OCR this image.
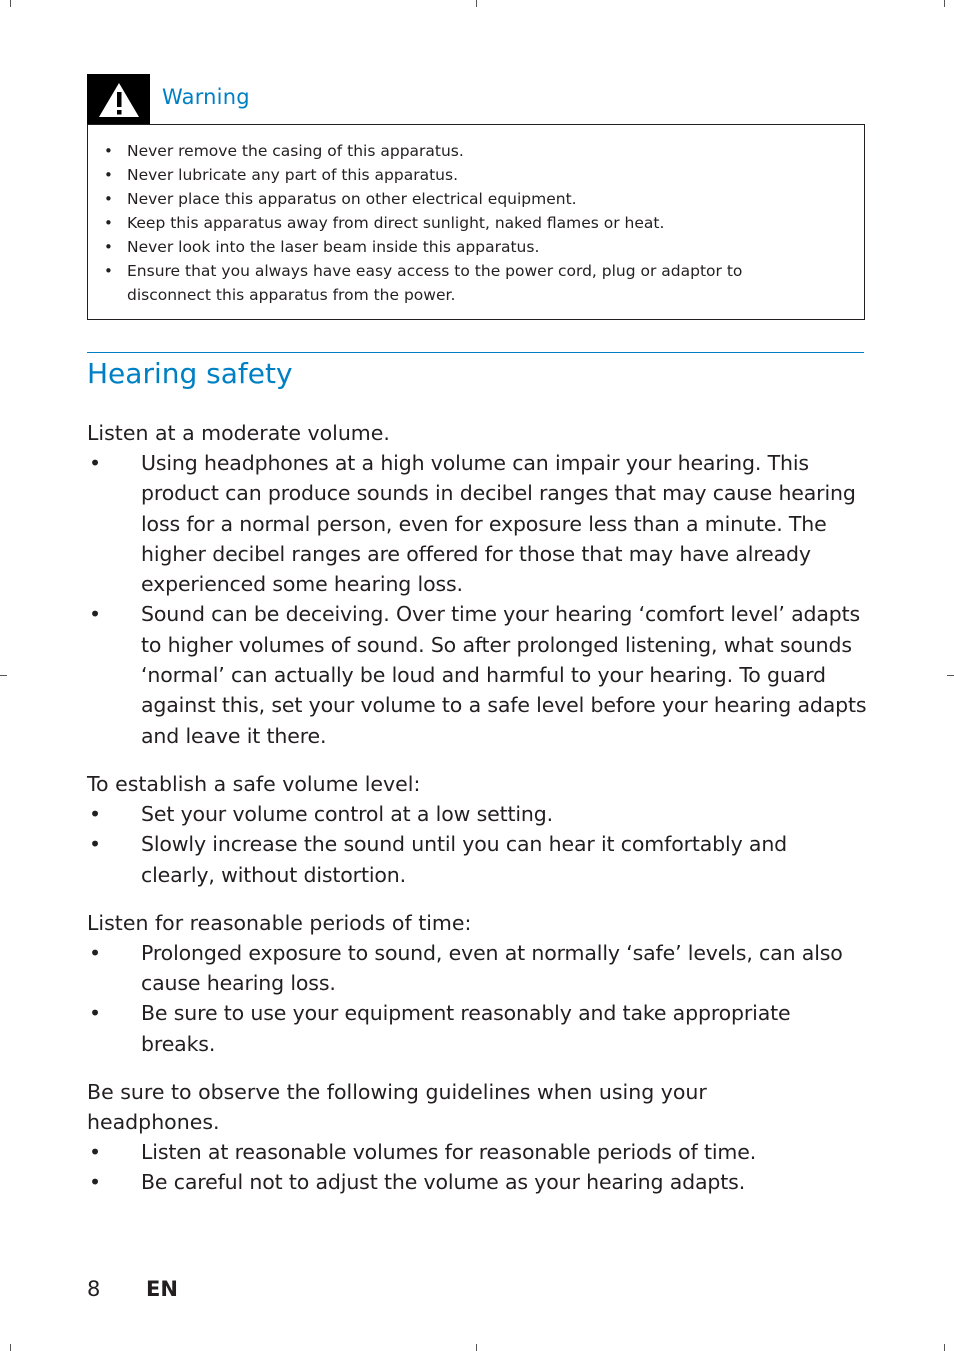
Warning
• Never remove the casing of this apparatus.
• Never lubricate any part of this apparatus.
• Never place this apparatus on other electrical equipment.
• Keep this apparatus away from direct sunlight, naked flames or heat.
• Never look into the laser beam inside this apparatus.
• Ensure that you always have easy access to the power cord, plug or adaptor to disconnect this apparatus from the power.
Hearing safety
Listen at a moderate volume.
• Using headphones at a high volume can impair your hearing. This product can produce sounds in decibel ranges that may cause hearing loss for a normal person, even for exposure less than a minute. The higher decibel ranges are offered for those that may have already experienced some hearing loss.
• Sound can be deceiving. Over time your hearing ‘comfort level’ adapts to higher volumes of sound. So after prolonged listening, what sounds ‘normal’ can actually be loud and harmful to your hearing. To guard against this, set your volume to a safe level before your hearing adapts and leave it there.
To establish a safe volume level:
• Set your volume control at a low setting.
• Slowly increase the sound until you can hear it comfortably and clearly, without distortion.
Listen for reasonable periods of time:
• Prolonged exposure to sound, even at normally ‘safe’ levels, can also cause hearing loss.
• Be sure to use your equipment reasonably and take appropriate breaks.
Be sure to observe the following guidelines when using your headphones.
• Listen at reasonable volumes for reasonable periods of time.
• Be careful not to adjust the volume as your hearing adapts.
8 EN
